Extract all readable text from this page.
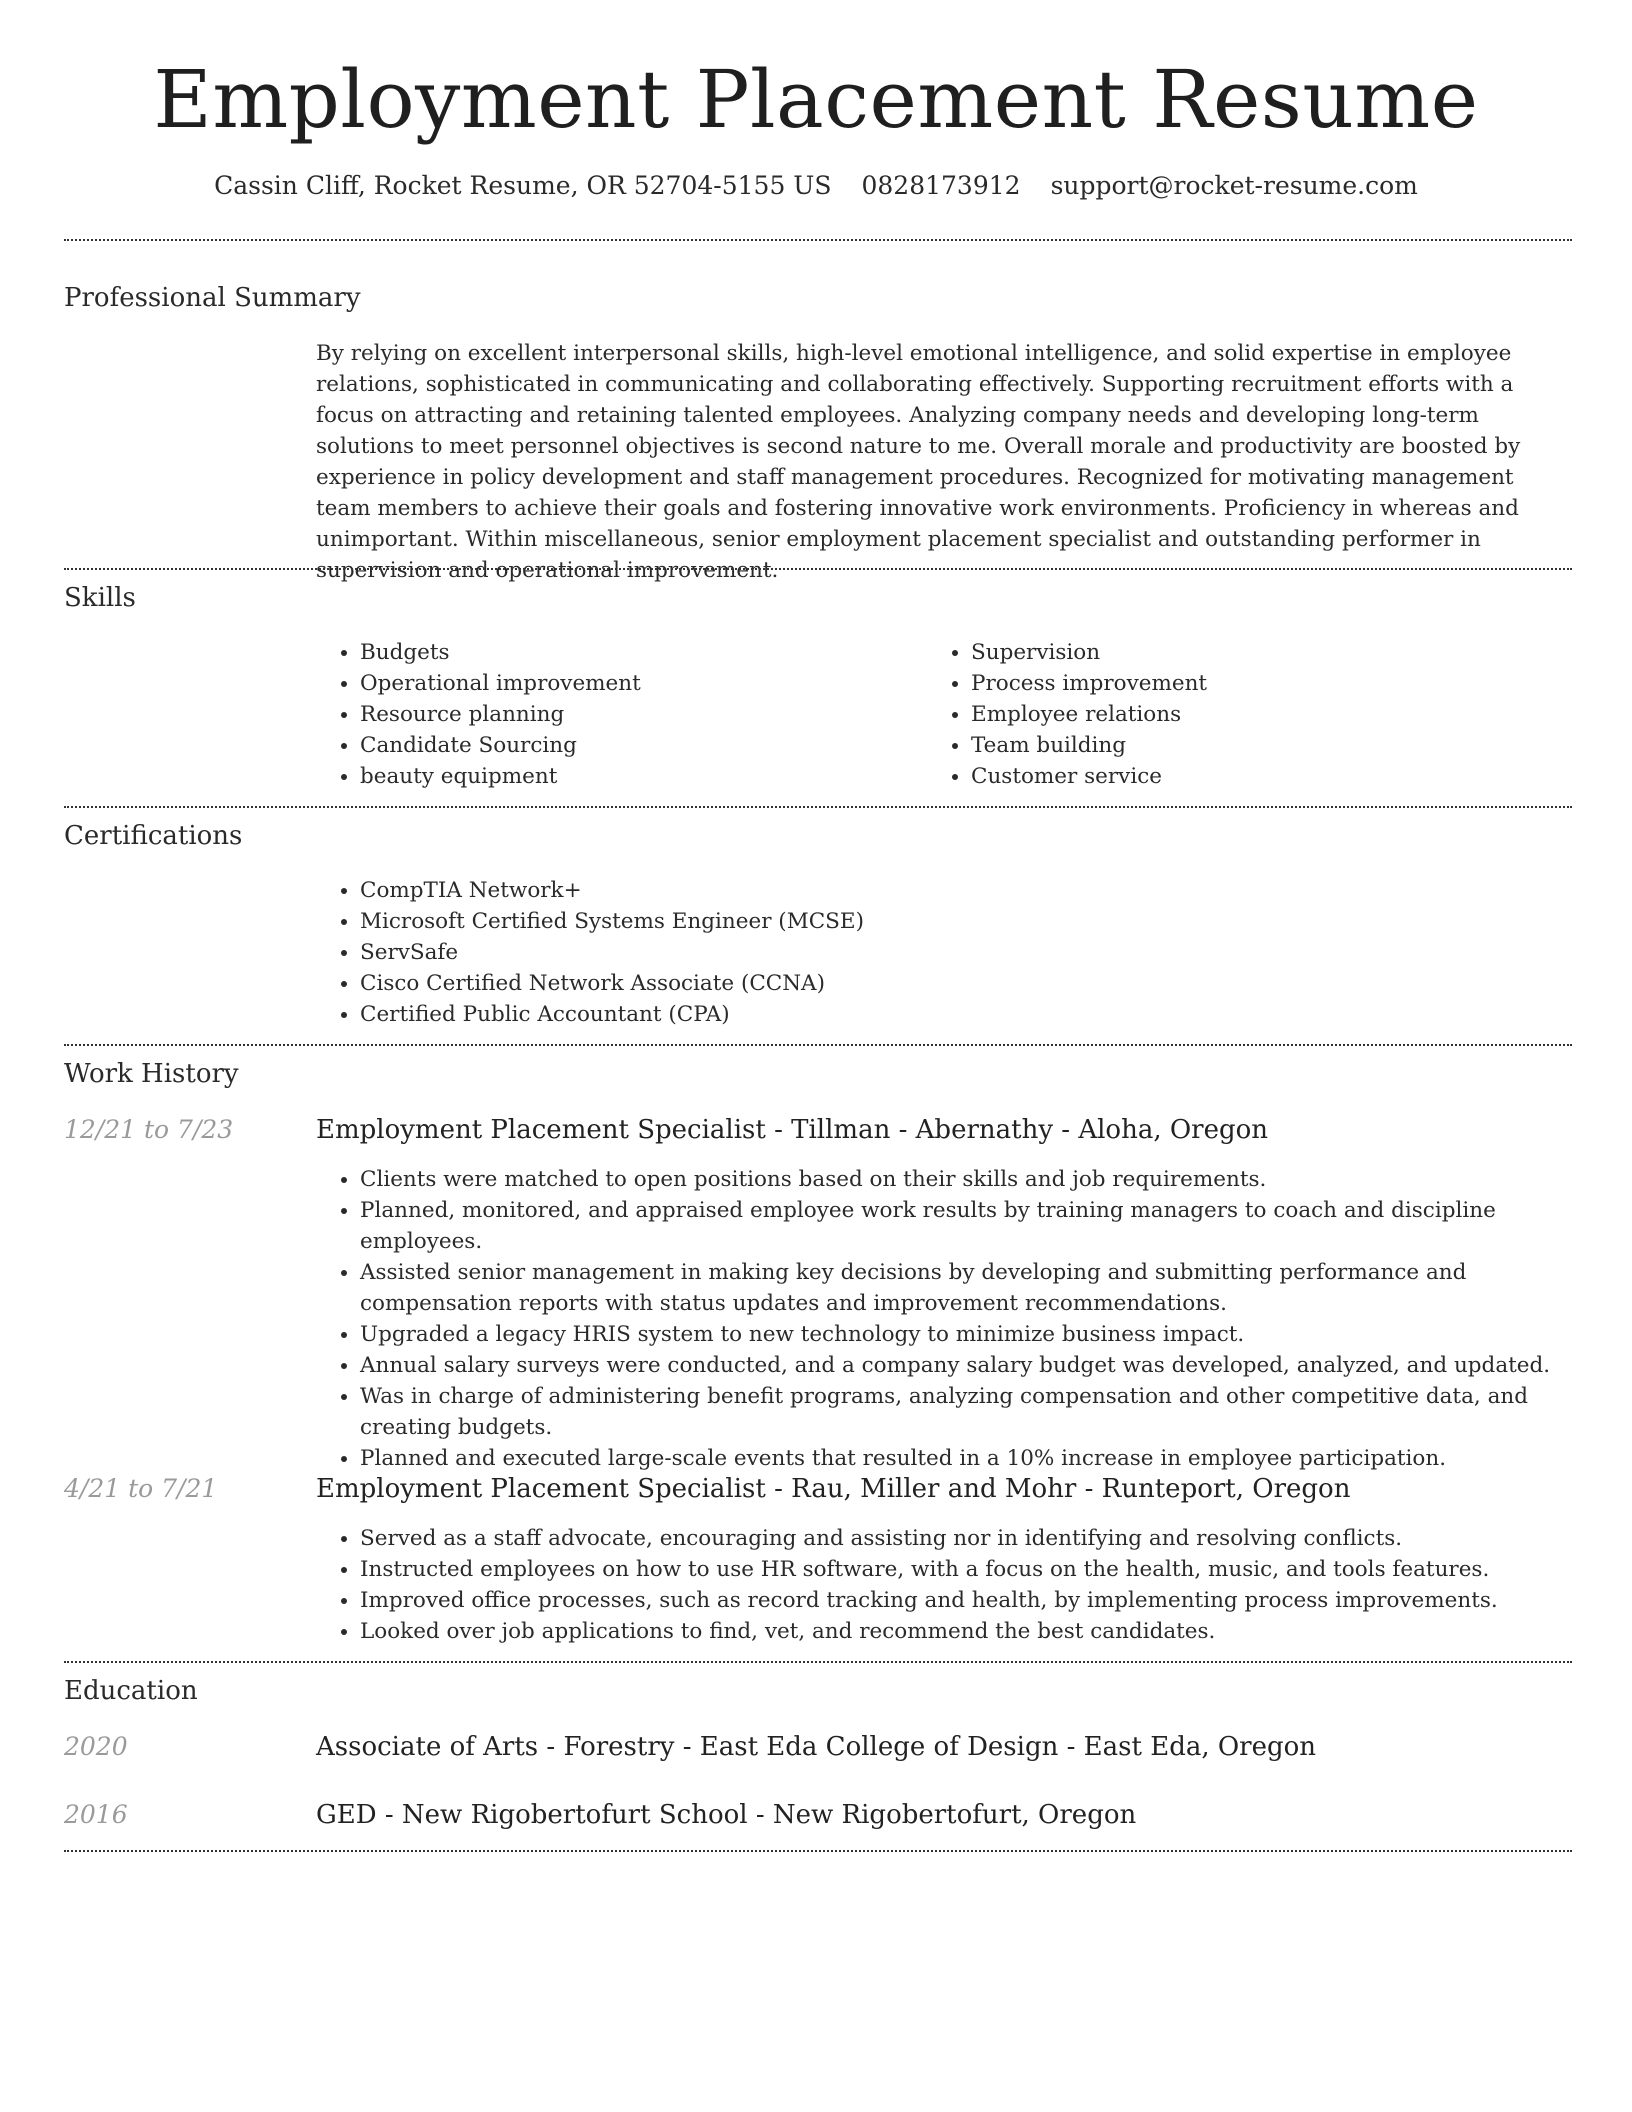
Employment Placement Resume
Cassin Cliff, Rocket Resume, OR 52704-5155 US 0828173912 support@rocket-resume.com
Professional Summary

By relying on excellent interpersonal skills, high-level emotional intelligence, and solid expertise in employee relations, sophisticated in communicating and collaborating effectively. Supporting recruitment efforts with a focus on attracting and retaining talented employees. Analyzing company needs and developing long-term solutions to meet personnel objectives is second nature to me. Overall morale and productivity are boosted by experience in policy development and staff management procedures. Recognized for motivating management team members to achieve their goals and fostering innovative work environments. Proficiency in whereas and unimportant. Within miscellaneous, senior employment placement specialist and outstanding performer in supervision and operational improvement.

Skills
• Budgets
• Operational improvement
• Resource planning
• Candidate Sourcing
• beauty equipment
• Supervision
• Process improvement
• Employee relations
• Team building
• Customer service
Certifications
• CompTIA Network+
• Microsoft Certified Systems Engineer (MCSE)
• ServSafe
• Cisco Certified Network Associate (CCNA)
• Certified Public Accountant (CPA)
Work History
12/21 to 7/23	Employment Placement Specialist - Tillman - Abernathy - Aloha, Oregon
• Clients were matched to open positions based on their skills and job requirements.
• Planned, monitored, and appraised employee work results by training managers to coach and discipline employees.
• Assisted senior management in making key decisions by developing and submitting performance and compensation reports with status updates and improvement recommendations.
• Upgraded a legacy HRIS system to new technology to minimize business impact.
• Annual salary surveys were conducted, and a company salary budget was developed, analyzed, and updated.
• Was in charge of administering benefit programs, analyzing compensation and other competitive data, and creating budgets.
• Planned and executed large-scale events that resulted in a 10% increase in employee participation.
4/21 to 7/21	Employment Placement Specialist - Rau, Miller and Mohr - Runteport, Oregon
• Served as a staff advocate, encouraging and assisting nor in identifying and resolving conflicts.
• Instructed employees on how to use HR software, with a focus on the health, music, and tools features.
• Improved office processes, such as record tracking and health, by implementing process improvements.
• Looked over job applications to find, vet, and recommend the best candidates.
Education
2020	Associate of Arts - Forestry - East Eda College of Design - East Eda, Oregon
2016	GED - New Rigobertofurt School - New Rigobertofurt, Oregon
